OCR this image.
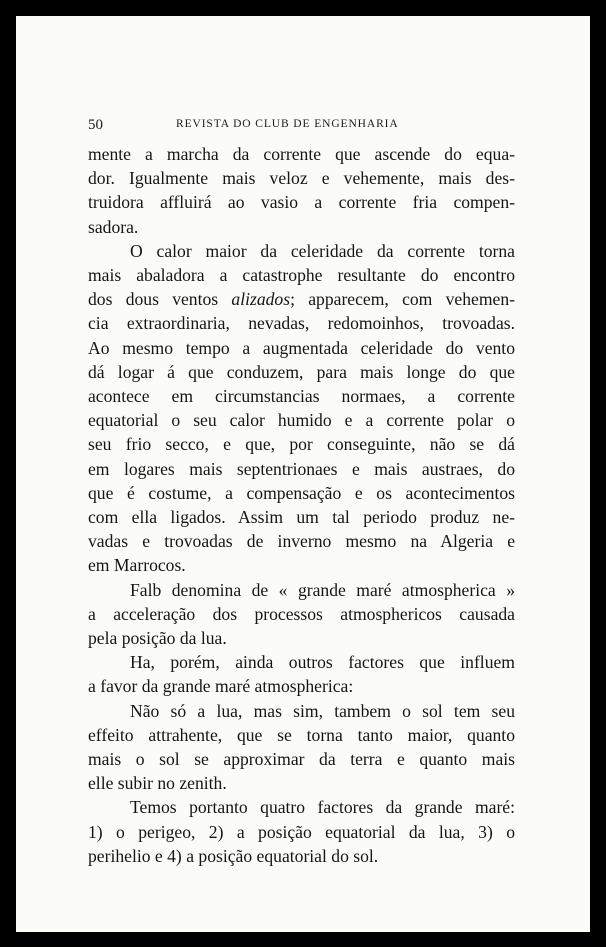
50	REVISTA DO CLUB DE ENGENHARIA
mente a marcha da corrente que ascende do equa-
dor. Igualmente mais veloz e vehemente, mais des-
truidora affluirá ao vasio a corrente fria compen-
sadora.
O calor maior da celeridade da corrente torna
mais abaladora a catastrophe resultante do encontro
dos dous ventos alizados; apparecem, com vehemen-
cia extraordinaria, nevadas, redomoinhos, trovoadas.
Ao mesmo tempo a augmentada celeridade do vento
dá logar á que conduzem, para mais longe do que
acontece em circumstancias normaes, a corrente
equatorial o seu calor humido e a corrente polar o
seu frio secco, e que, por conseguinte, não se dá
em logares mais septentrionaes e mais austraes, do
que é costume, a compensação e os acontecimentos
com ella ligados. Assim um tal periodo produz ne-
vadas e trovoadas de inverno mesmo na Algeria e
em Marrocos.
Falb denomina de « grande maré atmospherica »
a acceleração dos processos atmosphericos causada
pela posição da lua.
Ha, porém, ainda outros factores que influem
a favor da grande maré atmospherica:
Não só a lua, mas sim, tambem o sol tem seu
effeito attrahente, que se torna tanto maior, quanto
mais o sol se approximar da terra e quanto mais
elle subir no zenith.
Temos portanto quatro factores da grande maré:
1) o perigeo, 2) a posição equatorial da lua, 3) o
perihelio e 4) a posição equatorial do sol.
